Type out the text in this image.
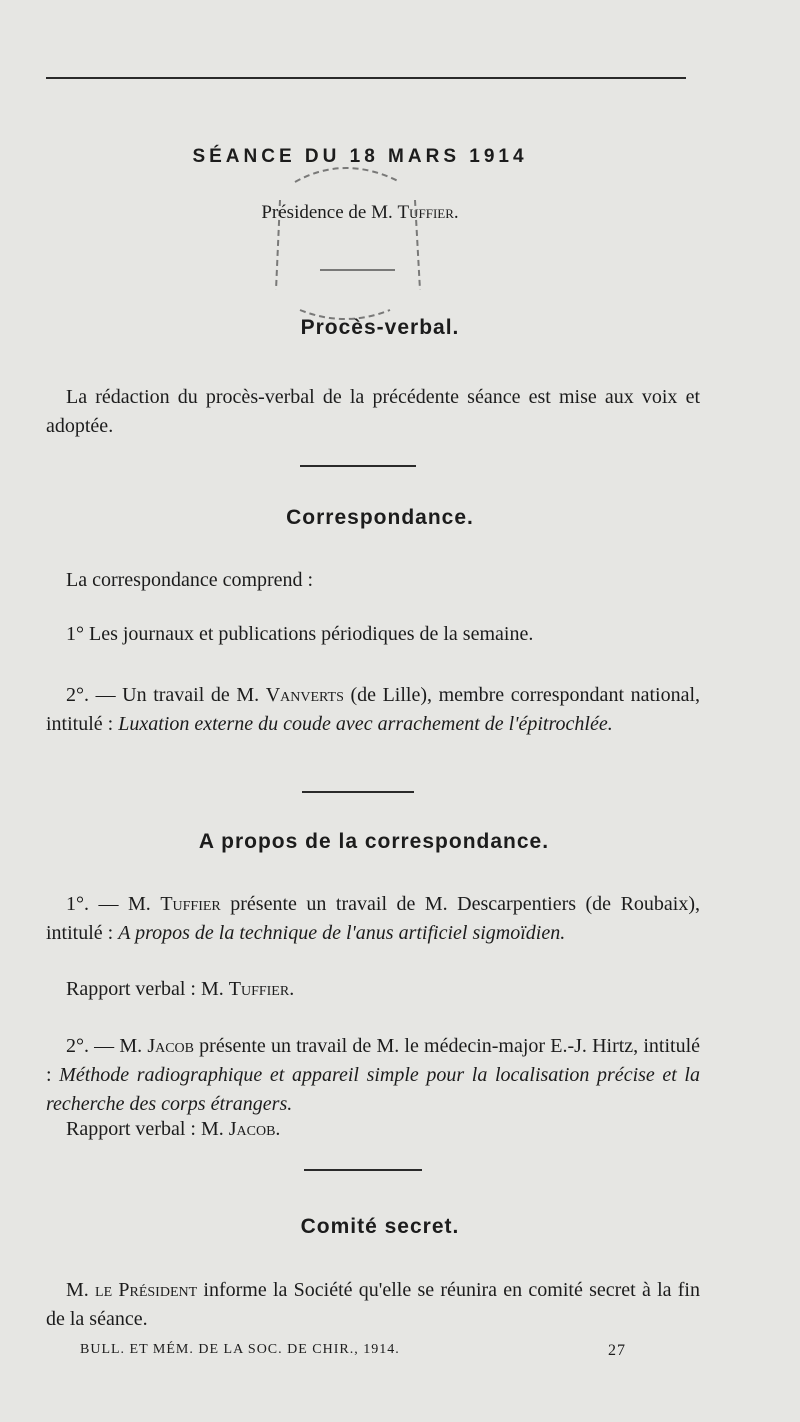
SÉANCE DU 18 MARS 1914
Présidence de M. Tuffier.
Procès-verbal.
La rédaction du procès-verbal de la précédente séance est mise aux voix et adoptée.
Correspondance.
La correspondance comprend :
1° Les journaux et publications périodiques de la semaine.
2°. — Un travail de M. Vanverts (de Lille), membre correspondant national, intitulé : Luxation externe du coude avec arrachement de l'épitrochlée.
A propos de la correspondance.
1°. — M. Tuffier présente un travail de M. Descarpentiers (de Roubaix), intitulé : A propos de la technique de l'anus artificiel sigmoïdien.
Rapport verbal : M. Tuffier.
2°. — M. Jacob présente un travail de M. le médecin-major E.-J. Hirtz, intitulé : Méthode radiographique et appareil simple pour la localisation précise et la recherche des corps étrangers.
Rapport verbal : M. Jacob.
Comité secret.
M. le Président informe la Société qu'elle se réunira en comité secret à la fin de la séance.
BULL. ET MÉM. DE LA SOC. DE CHIR., 1914.	27
